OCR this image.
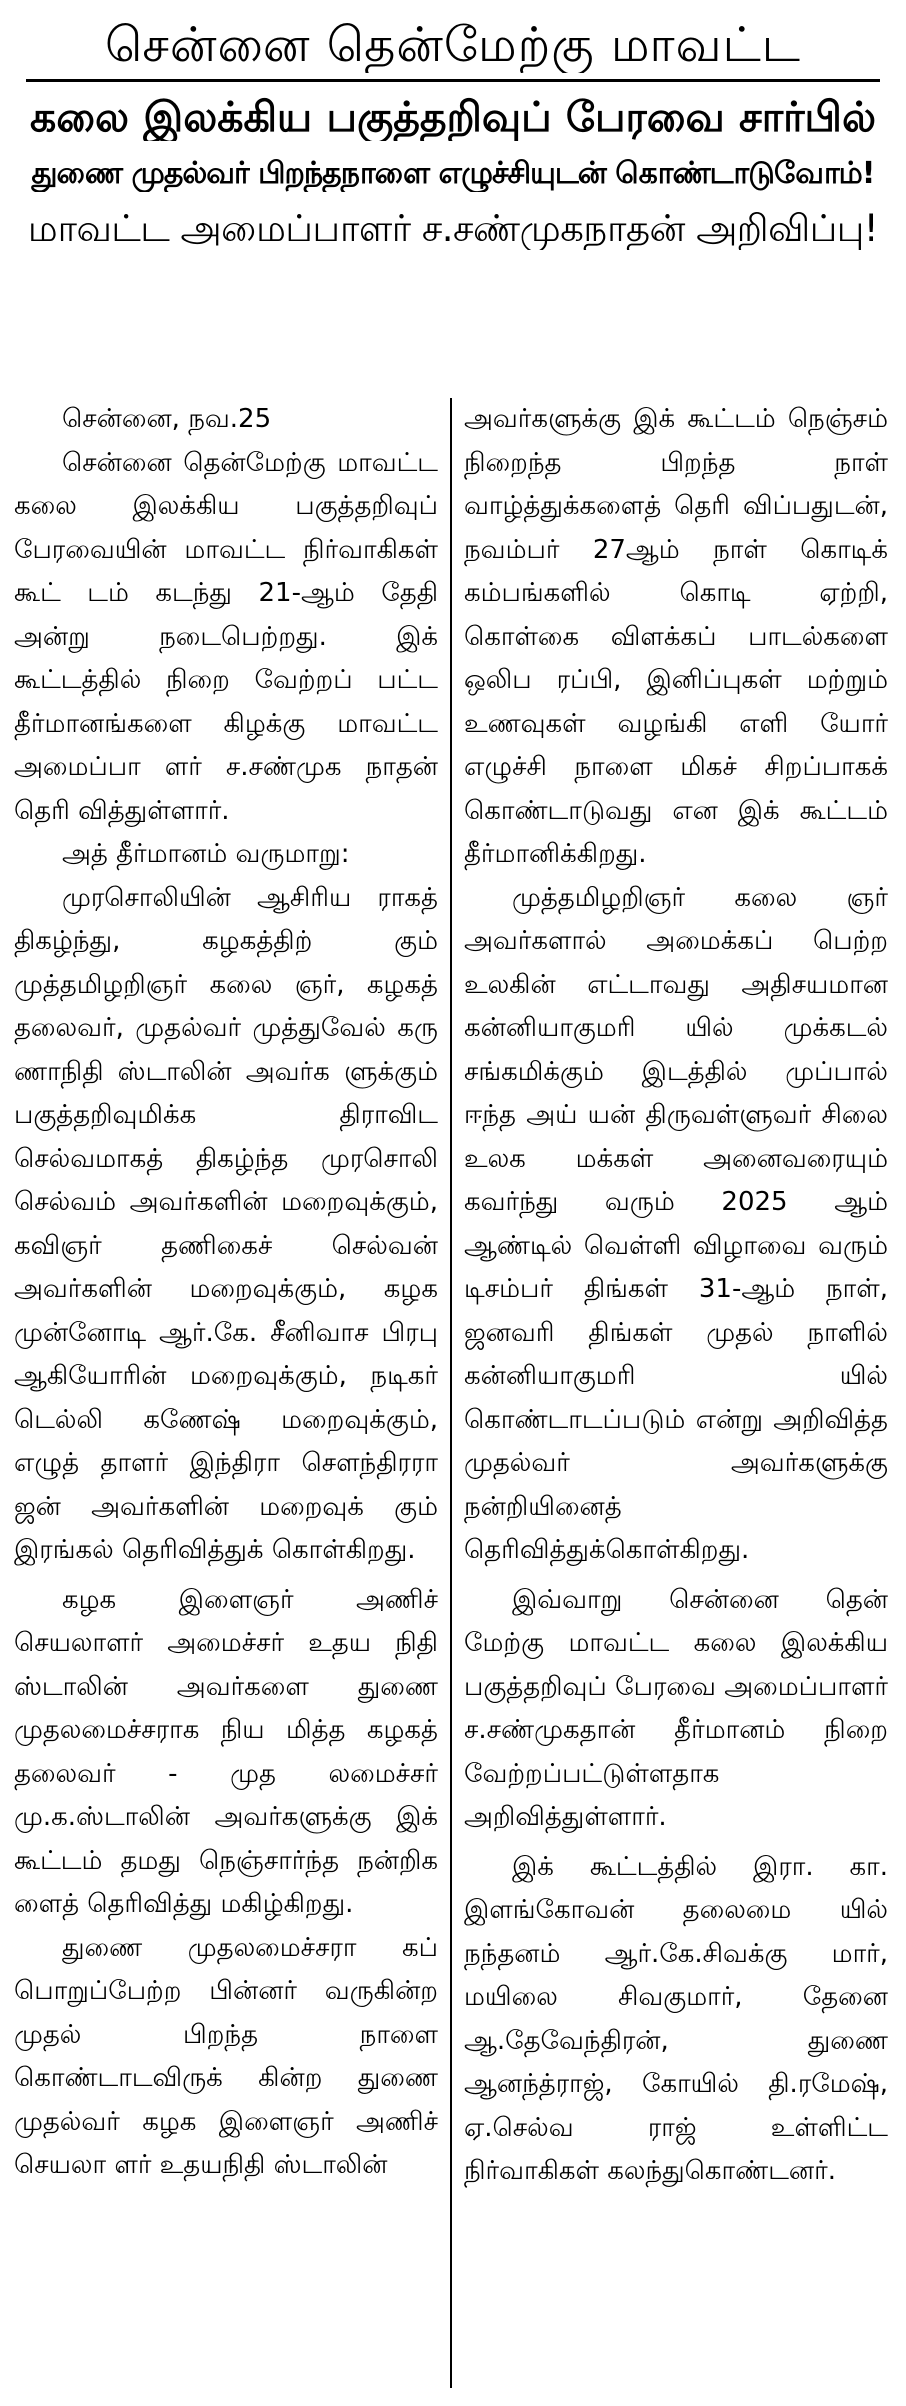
சென்னை தென்மேற்கு மாவட்ட
கலை இலக்கிய பகுத்தறிவுப் பேரவை சார்பில்
துணை முதல்வர் பிறந்தநாளை எழுச்சியுடன் கொண்டாடுவோம்!
மாவட்ட அமைப்பாளர் ச.சண்முகநாதன் அறிவிப்பு!

சென்னை, நவ.25

சென்னை தென்மேற்கு மாவட்ட கலை இலக்கிய பகுத்தறிவுப் பேரவையின் மாவட்ட நிர்வாகிகள் கூட் டம் கடந்து 21-ஆம் தேதி அன்று நடைபெற்றது. இக் கூட்டத்தில் நிறை வேற்றப் பட்ட தீர்மானங்களை கிழக்கு மாவட்ட அமைப்பா ளர் ச.சண்முக நாதன் தெரி வித்துள்ளார்.

அத் தீர்மானம் வருமாறு:

முரசொலியின் ஆசிரிய ராகத் திகழ்ந்து, கழகத்திற் கும் முத்தமிழறிஞர் கலை ஞர், கழகத் தலைவர், முதல்வர் முத்துவேல் கரு ணாநிதி ஸ்டாலின் அவர்க ளுக்கும் பகுத்தறிவுமிக்க திராவிட செல்வமாகத் திகழ்ந்த முரசொலி செல்வம் அவர்களின் மறைவுக்கும், கவிஞர் தணிகைச் செல்வன் அவர்களின் மறைவுக்கும், கழக முன்னோடி ஆர்.கே. சீனிவாச பிரபு ஆகியோரின் மறைவுக்கும், நடிகர் டெல்லி கணேஷ் மறைவுக்கும், எழுத் தாளர் இந்திரா சௌந்திரரா ஜன் அவர்களின் மறைவுக் கும் இரங்கல் தெரிவித்துக் கொள்கிறது.

கழக இளைஞர் அணிச் செயலாளர் அமைச்சர் உதய நிதி ஸ்டாலின் அவர்களை துணை முதலமைச்சராக நிய மித்த கழகத் தலைவர் - முத லமைச்சர் மு.க.ஸ்டாலின் அவர்களுக்கு இக் கூட்டம் தமது நெஞ்சார்ந்த நன்றிக ளைத் தெரிவித்து மகிழ்கிறது.

துணை முதலமைச்சரா கப் பொறுப்பேற்ற பின்னர் வருகின்ற முதல் பிறந்த நாளை கொண்டாடவிருக் கின்ற துணை முதல்வர் கழக இளைஞர் அணிச் செயலா ளர் உதயநிதி ஸ்டாலின்

அவர்களுக்கு இக் கூட்டம் நெஞ்சம் நிறைந்த பிறந்த நாள் வாழ்த்துக்களைத் தெரி விப்பதுடன், நவம்பர் 27ஆம் நாள் கொடிக் கம்பங்களில் கொடி ஏற்றி, கொள்கை விளக்கப் பாடல்களை ஒலிப ரப்பி, இனிப்புகள் மற்றும் உணவுகள் வழங்கி எளி யோர் எழுச்சி நாளை மிகச் சிறப்பாகக் கொண்டாடுவது என இக் கூட்டம் தீர்மானிக்கிறது.

முத்தமிழறிஞர் கலை ஞர் அவர்களால் அமைக்கப் பெற்ற உலகின் எட்டாவது அதிசயமான கன்னியாகுமரி யில் முக்கடல் சங்கமிக்கும் இடத்தில் முப்பால் ஈந்த அய் யன் திருவள்ளுவர் சிலை உலக மக்கள் அனைவரையும் கவர்ந்து வரும் 2025 ஆம் ஆண்டில் வெள்ளி விழாவை வரும் டிசம்பர் திங்கள் 31-ஆம் நாள், ஜனவரி திங்கள் முதல் நாளில் கன்னியாகுமரி யில் கொண்டாடப்படும் என்று அறிவித்த முதல்வர் அவர்களுக்கு நன்றியினைத் தெரிவித்துக்கொள்கிறது.

இவ்வாறு சென்னை தென் மேற்கு மாவட்ட கலை இலக்கிய பகுத்தறிவுப் பேரவை அமைப்பாளர் ச.சண்முகதான் தீர்மானம் நிறை வேற்றப்பட்டுள்ளதாக அறிவித்துள்ளார்.

இக் கூட்டத்தில் இரா. கா. இளங்கோவன் தலைமை யில் நந்தனம் ஆர்.கே.சிவக்கு மார், மயிலை சிவகுமார், தேனை ஆ.தேவேந்திரன், துணை ஆனந்த்ராஜ், கோயில் தி.ரமேஷ், ஏ.செல்வ ராஜ் உள்ளிட்ட நிர்வாகிகள் கலந்துகொண்டனர்.
